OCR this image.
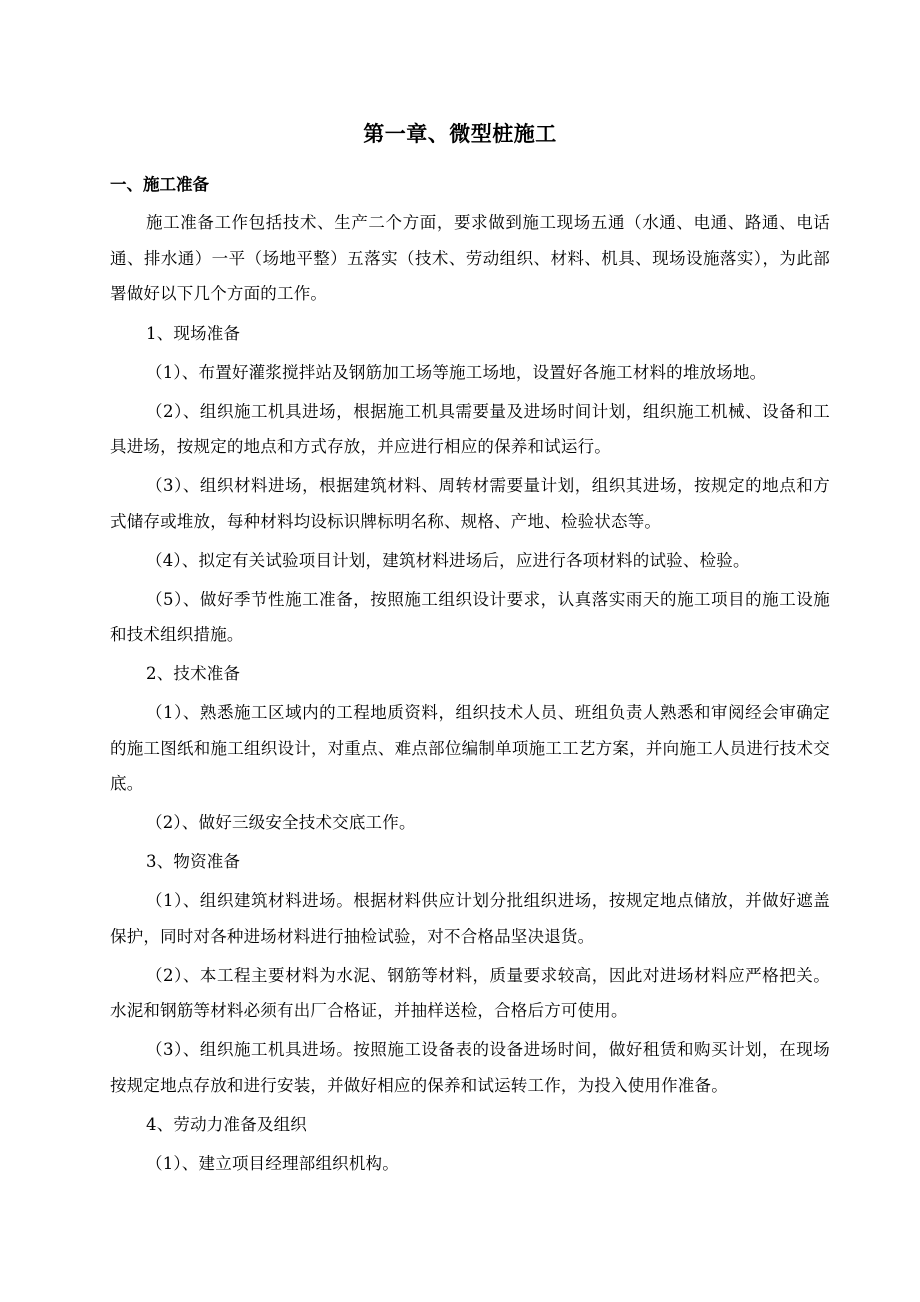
第一章、微型桩施工
一、施工准备

施工准备工作包括技术、生产二个方面，要求做到施工现场五通（水通、电通、路通、电话通、排水通）一平（场地平整）五落实（技术、劳动组织、材料、机具、现场设施落实），为此部署做好以下几个方面的工作。

1、现场准备

（1）、布置好灌浆搅拌站及钢筋加工场等施工场地，设置好各施工材料的堆放场地。

（2）、组织施工机具进场，根据施工机具需要量及进场时间计划，组织施工机械、设备和工具进场，按规定的地点和方式存放，并应进行相应的保养和试运行。

（3）、组织材料进场，根据建筑材料、周转材需要量计划，组织其进场，按规定的地点和方式储存或堆放，每种材料均设标识牌标明名称、规格、产地、检验状态等。

（4）、拟定有关试验项目计划，建筑材料进场后，应进行各项材料的试验、检验。

（5）、做好季节性施工准备，按照施工组织设计要求，认真落实雨天的施工项目的施工设施和技术组织措施。

2、技术准备

（1）、熟悉施工区域内的工程地质资料，组织技术人员、班组负责人熟悉和审阅经会审确定的施工图纸和施工组织设计，对重点、难点部位编制单项施工工艺方案，并向施工人员进行技术交底。

（2）、做好三级安全技术交底工作。

3、物资准备

（1）、组织建筑材料进场。根据材料供应计划分批组织进场，按规定地点储放，并做好遮盖保护，同时对各种进场材料进行抽检试验，对不合格品坚决退货。

（2）、本工程主要材料为水泥、钢筋等材料，质量要求较高，因此对进场材料应严格把关。水泥和钢筋等材料必须有出厂合格证，并抽样送检，合格后方可使用。

（3）、组织施工机具进场。按照施工设备表的设备进场时间，做好租赁和购买计划，在现场按规定地点存放和进行安装，并做好相应的保养和试运转工作，为投入使用作准备。

4、劳动力准备及组织

（1）、建立项目经理部组织机构。
